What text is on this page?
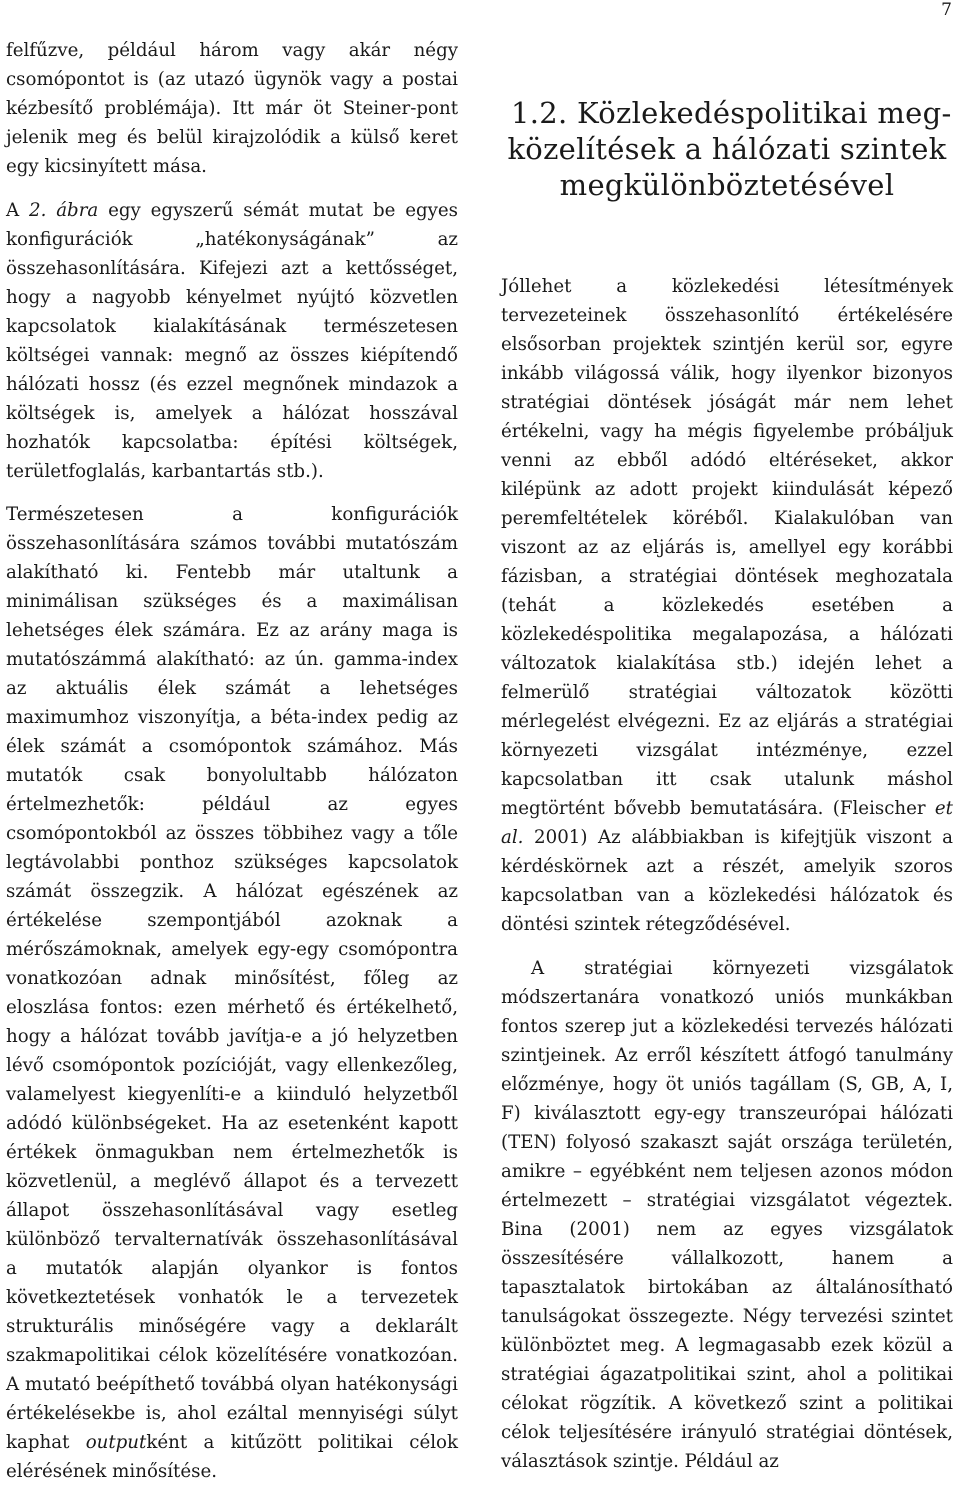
7

felfűzve, például három vagy akár négy csomópontot is (az utazó ügynök vagy a postai kézbesítő problémája). Itt már öt Steiner-pont jelenik meg és belül kirajzolódik a külső keret egy kicsinyített mása.

A 2. ábra egy egyszerű sémát mutat be egyes konfigurációk „hatékonyságának” az összehasonlítására. Kifejezi azt a kettősséget, hogy a nagyobb kényelmet nyújtó közvetlen kapcsolatok kialakításának természetesen költségei vannak: megnő az összes kiépítendő hálózati hossz (és ezzel megnőnek mindazok a költségek is, amelyek a hálózat hosszával hozhatók kapcsolatba: építési költségek, területfoglalás, karbantartás stb.).

Természetesen a konfigurációk összehasonlítására számos további mutatószám alakítható ki. Fentebb már utaltunk a minimálisan szükséges és a maximálisan lehetséges élek számára. Ez az arány maga is mutatószámmá alakítható: az ún. gamma-index az aktuális élek számát a lehetséges maximumhoz viszonyítja, a béta-index pedig az élek számát a csomópontok számához. Más mutatók csak bonyolultabb hálózaton értelmezhetők: például az egyes csomópontokból az összes többihez vagy a tőle legtávolabbi ponthoz szükséges kapcsolatok számát összegzik. A hálózat egészének az értékelése szempontjából azoknak a mérőszámoknak, amelyek egy-egy csomópontra vonatkozóan adnak minősítést, főleg az eloszlása fontos: ezen mérhető és értékelhető, hogy a hálózat tovább javítja-e a jó helyzetben lévő csomópontok pozícióját, vagy ellenkezőleg, valamelyest kiegyenlíti-e a kiinduló helyzetből adódó különbségeket. Ha az esetenként kapott értékek önmagukban nem értelmezhetők is közvetlenül, a meglévő állapot és a tervezett állapot összehasonlításával vagy esetleg különböző tervalternatívák összehasonlításával a mutatók alapján olyankor is fontos következtetések vonhatók le a tervezetek strukturális minőségére vagy a deklarált szakmapolitikai célok közelítésére vonatkozóan. A mutató beépíthető továbbá olyan hatékonysági értékelésekbe is, ahol ezáltal mennyiségi súlyt kaphat outputként a kitűzött politikai célok elérésének minősítése.

1.2. Közlekedéspolitikai meg-
közelítések a hálózati szintek
megkülönböztetésével

Jóllehet a közlekedési létesítmények tervezeteinek összehasonlító értékelésére elsősorban projektek szintjén kerül sor, egyre inkább világossá válik, hogy ilyenkor bizonyos stratégiai döntések jóságát már nem lehet értékelni, vagy ha mégis figyelembe próbáljuk venni az ebből adódó eltéréseket, akkor kilépünk az adott projekt kiindulását képező peremfeltételek köréből. Kialakulóban van viszont az az eljárás is, amellyel egy korábbi fázisban, a stratégiai döntések meghozatala (tehát a közlekedés esetében a közlekedéspolitika megalapozása, a hálózati változatok kialakítása stb.) idején lehet a felmerülő stratégiai változatok közötti mérlegelést elvégezni. Ez az eljárás a stratégiai környezeti vizsgálat intézménye, ezzel kapcsolatban itt csak utalunk máshol megtörtént bővebb bemutatására. (Fleischer et al. 2001) Az alábbiakban is kifejtjük viszont a kérdéskörnek azt a részét, amelyik szoros kapcsolatban van a közlekedési hálózatok és döntési szintek rétegződésével.

A stratégiai környezeti vizsgálatok módszertanára vonatkozó uniós munkákban fontos szerep jut a közlekedési tervezés hálózati szintjeinek. Az erről készített átfogó tanulmány előzménye, hogy öt uniós tagállam (S, GB, A, I, F) kiválasztott egy-egy transzeurópai hálózati (TEN) folyosó szakaszt saját országa területén, amikre – egyébként nem teljesen azonos módon értelmezett – stratégiai vizsgálatot végeztek. Bina (2001) nem az egyes vizsgálatok összesítésére vállalkozott, hanem a tapasztalatok birtokában az általánosítható tanulságokat összegezte. Négy tervezési szintet különböztet meg. A legmagasabb ezek közül a stratégiai ágazatpolitikai szint, ahol a politikai célokat rögzítik. A következő szint a politikai célok teljesítésére irányuló stratégiai döntések, választások szintje. Például az
